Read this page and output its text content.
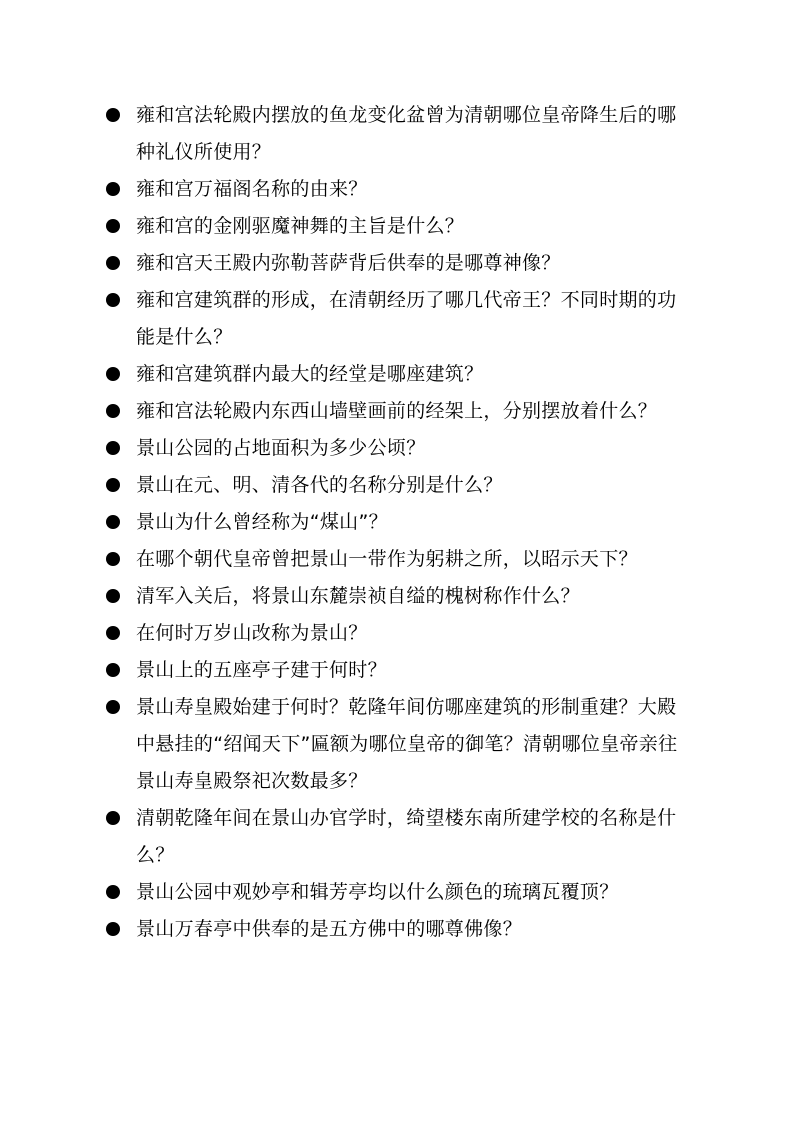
雍和宫法轮殿内摆放的鱼龙变化盆曾为清朝哪位皇帝降生后的哪种礼仪所使用？
雍和宫万福阁名称的由来？
雍和宫的金刚驱魔神舞的主旨是什么？
雍和宫天王殿内弥勒菩萨背后供奉的是哪尊神像？
雍和宫建筑群的形成，在清朝经历了哪几代帝王？不同时期的功能是什么？
雍和宫建筑群内最大的经堂是哪座建筑？
雍和宫法轮殿内东西山墙壁画前的经架上，分别摆放着什么？
景山公园的占地面积为多少公顷？
景山在元、明、清各代的名称分别是什么？
景山为什么曾经称为“煤山”？
在哪个朝代皇帝曾把景山一带作为躬耕之所，以昭示天下？
清军入关后，将景山东麓崇祯自缢的槐树称作什么？
在何时万岁山改称为景山？
景山上的五座亭子建于何时？
景山寿皇殿始建于何时？乾隆年间仿哪座建筑的形制重建？大殿中悬挂的“绍闻天下”匾额为哪位皇帝的御笔？清朝哪位皇帝亲往景山寿皇殿祭祀次数最多？
清朝乾隆年间在景山办官学时，绮望楼东南所建学校的名称是什么？
景山公园中观妙亭和辑芳亭均以什么颜色的琉璃瓦覆顶？
景山万春亭中供奉的是五方佛中的哪尊佛像？
